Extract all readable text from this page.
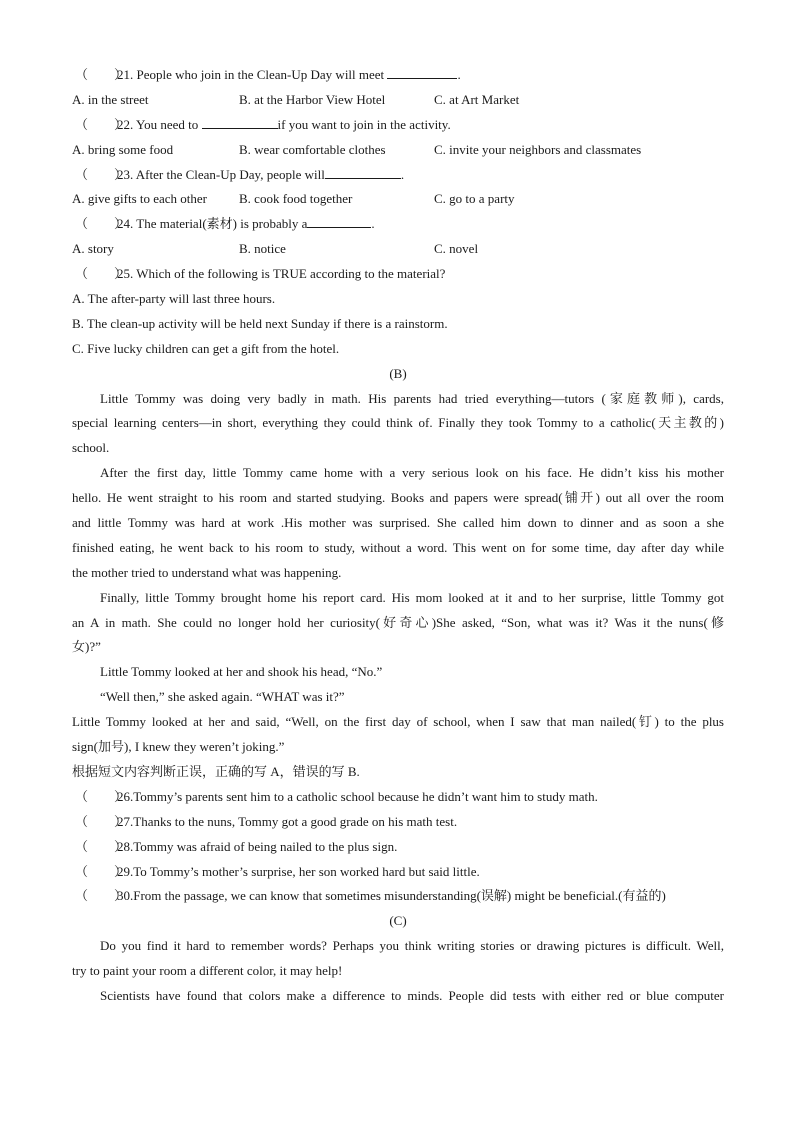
（　　）21. People who join in the Clean-Up Day will meet	.
A. in the street	B. at the Harbor View Hotel	C. at Art Market
（　　）22. You need to	if you want to join in the activity.
A. bring some food	B. wear comfortable clothes	C. invite your neighbors and classmates
（　　）23. After the Clean-Up Day, people will	.
A. give gifts to each other B. cook food together	C. go to a party
（　　）24. The material(素材) is probably a	.
A. story	B. notice	C. novel
（　　）25. Which of the following is TRUE according to the material?
A. The after-party will last three hours.
B. The clean-up activity will be held next Sunday if there is a rainstorm.
C. Five lucky children can get a gift from the hotel.
(B)
Little Tommy was doing very badly in math. His parents had tried everything—tutors (家庭教师), cards,
special learning centers—in short, everything they could think of. Finally they took Tommy to a catholic(天主教的)
school.
After the first day, little Tommy came home with a very serious look on his face. He didn’t kiss his mother
hello. He went straight to his room and started studying. Books and papers were spread(铺开) out all over the room
and little Tommy was hard at work .His mother was surprised. She called him down to dinner and as soon a she
finished eating, he went back to his room to study, without a word. This went on for some time, day after day while
the mother tried to understand what was happening.
Finally, little Tommy brought home his report card. His mom looked at it and to her surprise, little Tommy got
an A in math. She could no longer hold her curiosity(好奇心)She asked, “Son, what was it? Was it the nuns(修
女)?”
Little Tommy looked at her and shook his head, “No.”
“Well then,” she asked again. “WHAT was it?”
Little Tommy looked at her and said, “Well, on the first day of school, when I saw that man nailed(钉) to the plus
sign(加号), I knew they weren’t joking.”
根据短文内容判断正误，正确的写 A，错误的写 B.
（　　）26.Tommy’s parents sent him to a catholic school because he didn’t want him to study math.
（　　）27.Thanks to the nuns, Tommy got a good grade on his math test.
（　　）28.Tommy was afraid of being nailed to the plus sign.
（　　）29.To Tommy’s mother’s surprise, her son worked hard but said little.
（　　）30.From the passage, we can know that sometimes misunderstanding(误解) might be beneficial.(有益的)
(C)
Do you find it hard to remember words? Perhaps you think writing stories or drawing pictures is difficult. Well,
try to paint your room a different color, it may help!
Scientists have found that colors make a difference to minds. People did tests with either red or blue computer
